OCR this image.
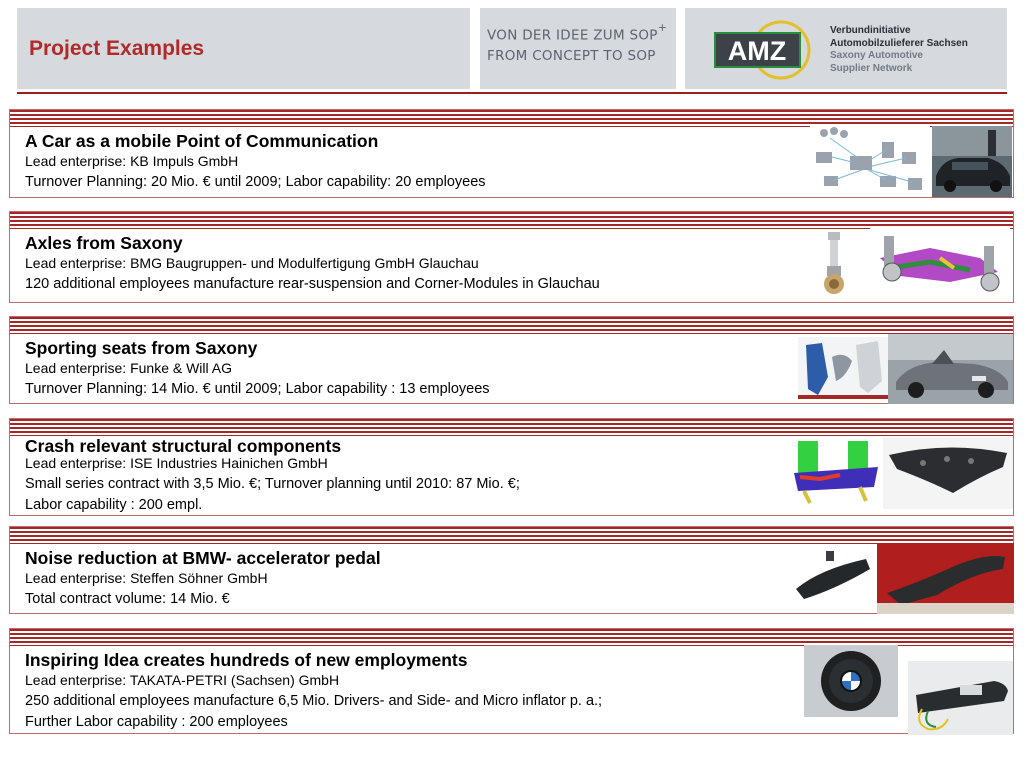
Project Examples
VON DER IDEE ZUM SOP+
FROM CONCEPT TO SOP	AMZ
Verbundinitiative
Automobilzulieferer Sachsen
Saxony Automotive
Supplier Network
A Car as a mobile Point of Communication
Lead enterprise: KB Impuls GmbH
Turnover Planning: 20 Mio. € until 2009; Labor capability: 20 employees
Axles from Saxony
Lead enterprise: BMG Baugruppen- und Modulfertigung GmbH Glauchau
120 additional employees manufacture rear-suspension and Corner-Modules in Glauchau
Sporting seats from Saxony
Lead enterprise: Funke & Will AG
Turnover Planning: 14 Mio. € until 2009; Labor capability : 13 employees
Crash relevant structural components
Lead enterprise: ISE Industries Hainichen GmbH
Small series contract with 3,5 Mio. €; Turnover planning until 2010: 87 Mio. €;
Labor capability : 200 empl.
Noise reduction at BMW- accelerator pedal
Lead enterprise: Steffen Söhner GmbH
Total contract volume: 14 Mio. €
Inspiring Idea creates hundreds of new employments
Lead enterprise: TAKATA-PETRI (Sachsen) GmbH
250 additional employees manufacture 6,5 Mio. Drivers- and Side- and Micro inflator p. a.;
Further Labor capability : 200 employees
